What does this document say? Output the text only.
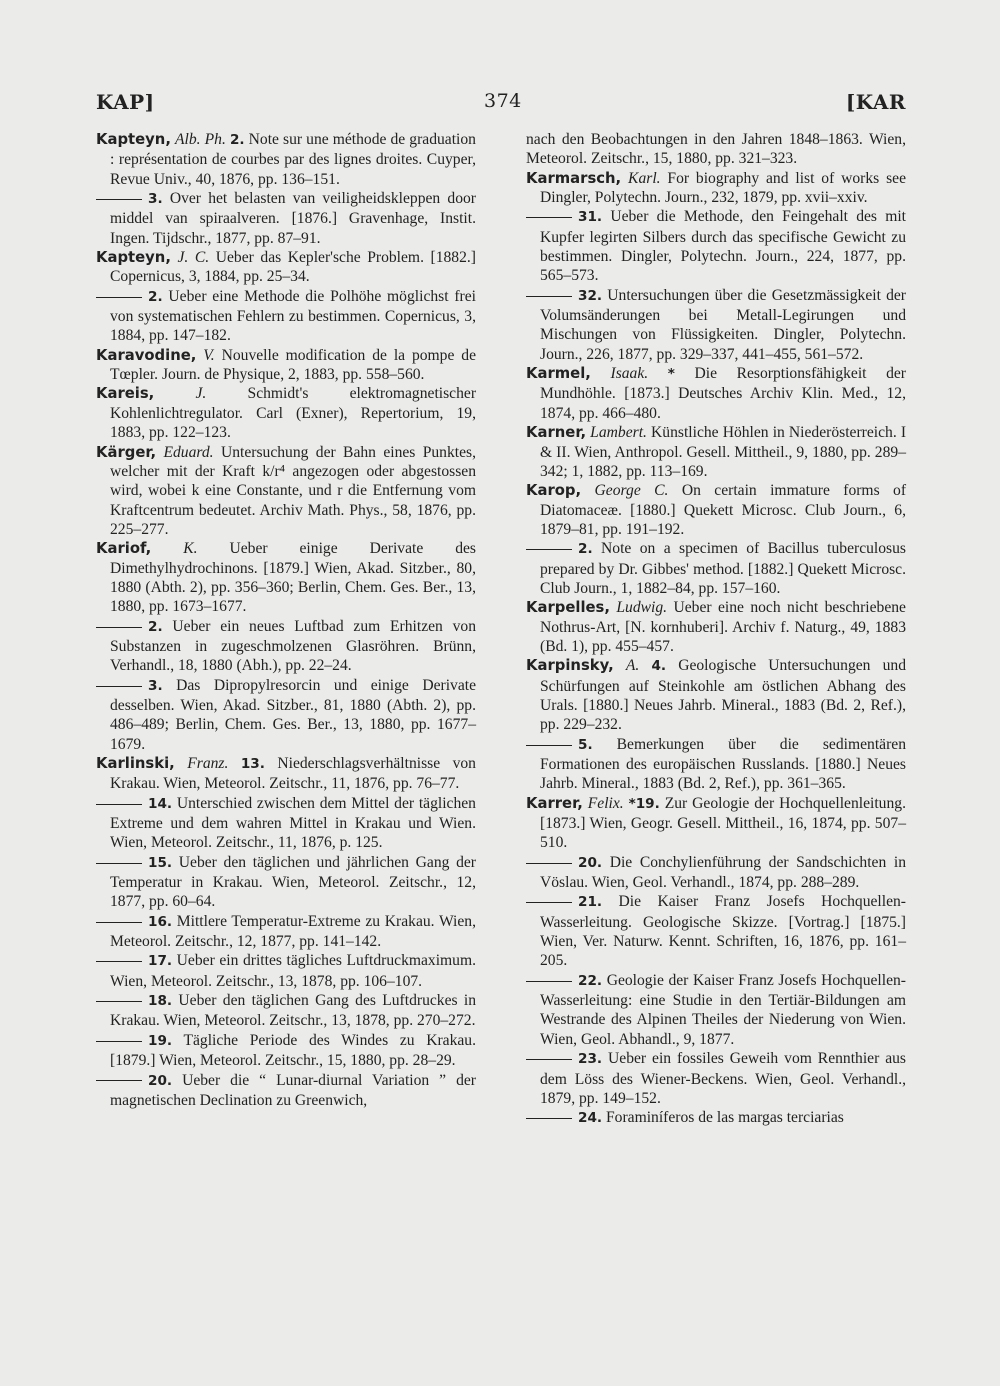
KAP]	374	[KAR

Kapteyn, Alb. Ph. 2. Note sur une méthode de graduation : représentation de courbes par des lignes droites. Cuyper, Revue Univ., 40, 1876, pp. 136–151.

3. Over het belasten van veiligheidskleppen door middel van spiraalveren. [1876.] Gravenhage, Instit. Ingen. Tijdschr., 1877, pp. 87–91.

Kapteyn, J. C. Ueber das Kepler'sche Problem. [1882.] Copernicus, 3, 1884, pp. 25–34.

2. Ueber eine Methode die Polhöhe möglichst frei von systematischen Fehlern zu bestimmen. Copernicus, 3, 1884, pp. 147–182.

Karavodine, V. Nouvelle modification de la pompe de Tœpler. Journ. de Physique, 2, 1883, pp. 558–560.

Kareis,	J.	Schmidt's elektromagnetischer Kohlenlichtregulator. Carl (Exner), Repertorium, 19, 1883, pp. 122–123.

Kärger, Eduard. Untersuchung der Bahn eines Punktes, welcher mit der Kraft k/r⁴ angezogen oder abgestossen wird, wobei k eine Constante, und r die Entfernung vom Kraftcentrum bedeutet. Archiv Math. Phys., 58, 1876, pp. 225–277.

Kariof, K. Ueber einige Derivate des Dimethylhydrochinons. [1879.] Wien, Akad. Sitzber., 80, 1880 (Abth. 2), pp. 356–360; Berlin, Chem. Ges. Ber., 13, 1880, pp. 1673–1677.

2. Ueber ein neues Luftbad zum Erhitzen von Substanzen in zugeschmolzenen Glasröhren. Brünn, Verhandl., 18, 1880 (Abh.), pp. 22–24.

3. Das Dipropylresorcin und einige Derivate desselben. Wien, Akad. Sitzber., 81, 1880 (Abth. 2), pp. 486–489; Berlin, Chem. Ges. Ber., 13, 1880, pp. 1677–1679.

Karlinski, Franz. 13. Niederschlagsverhältnisse von Krakau. Wien, Meteorol. Zeitschr., 11, 1876, pp. 76–77.

14. Unterschied zwischen dem Mittel der täglichen Extreme und dem wahren Mittel in Krakau und Wien. Wien, Meteorol. Zeitschr., 11, 1876, p. 125.

15. Ueber den täglichen und jährlichen Gang der Temperatur in Krakau. Wien, Meteorol. Zeitschr., 12, 1877, pp. 60–64.

16. Mittlere Temperatur-Extreme zu Krakau. Wien, Meteorol. Zeitschr., 12, 1877, pp. 141–142.

17. Ueber ein drittes tägliches Luftdruckmaximum. Wien, Meteorol. Zeitschr., 13, 1878, pp. 106–107.

18. Ueber den täglichen Gang des Luftdruckes in Krakau. Wien, Meteorol. Zeitschr., 13, 1878, pp. 270–272.

19. Tägliche Periode des Windes zu Krakau. [1879.] Wien, Meteorol. Zeitschr., 15, 1880, pp. 28–29.

20. Ueber die “ Lunar-diurnal Variation ” der magnetischen Declination zu Greenwich,

nach den Beobachtungen in den Jahren 1848–1863. Wien, Meteorol. Zeitschr., 15, 1880, pp. 321–323.

Karmarsch, Karl. For biography and list of works see Dingler, Polytechn. Journ., 232, 1879, pp. xvii–xxiv.

31. Ueber die Methode, den Feingehalt des mit Kupfer legirten Silbers durch das specifische Gewicht zu bestimmen. Dingler, Polytechn. Journ., 224, 1877, pp. 565–573.

32. Untersuchungen über die Gesetzmässigkeit der Volumsänderungen bei Metall-Legirungen und Mischungen von Flüssigkeiten. Dingler, Polytechn. Journ., 226, 1877, pp. 329–337, 441–455, 561–572.

Karmel, Isaak. * Die Resorptionsfähigkeit der Mundhöhle. [1873.] Deutsches Archiv Klin. Med., 12, 1874, pp. 466–480.

Karner, Lambert. Künstliche Höhlen in Niederösterreich. I & II. Wien, Anthropol. Gesell. Mittheil., 9, 1880, pp. 289–342; 1, 1882, pp. 113–169.

Karop, George C. On certain immature forms of Diatomaceæ. [1880.] Quekett Microsc. Club Journ., 6, 1879–81, pp. 191–192.

2. Note on a specimen of Bacillus tuberculosus prepared by Dr. Gibbes' method. [1882.] Quekett Microsc. Club Journ., 1, 1882–84, pp. 157–160.

Karpelles, Ludwig. Ueber eine noch nicht beschriebene Nothrus-Art, [N. kornhuberi]. Archiv f. Naturg., 49, 1883 (Bd. 1), pp. 455–457.

Karpinsky, A. 4. Geologische Untersuchungen und Schürfungen auf Steinkohle am östlichen Abhang des Urals. [1880.] Neues Jahrb. Mineral., 1883 (Bd. 2, Ref.), pp. 229–232.

5. Bemerkungen über die sedimentären Formationen des europäischen Russlands. [1880.] Neues Jahrb. Mineral., 1883 (Bd. 2, Ref.), pp. 361–365.

Karrer, Felix. *19. Zur Geologie der Hochquellenleitung. [1873.] Wien, Geogr. Gesell. Mittheil., 16, 1874, pp. 507–510.

20. Die Conchylienführung der Sandschichten in Vöslau. Wien, Geol. Verhandl., 1874, pp. 288–289.

21. Die Kaiser Franz Josefs Hochquellen-Wasserleitung. Geologische Skizze. [Vortrag.] [1875.] Wien, Ver. Naturw. Kennt. Schriften, 16, 1876, pp. 161–205.

22. Geologie der Kaiser Franz Josefs Hochquellen-Wasserleitung: eine Studie in den Tertiär-Bildungen am Westrande des Alpinen Theiles der Niederung von Wien. Wien, Geol. Abhandl., 9, 1877.

23. Ueber ein fossiles Geweih vom Rennthier aus dem Löss des Wiener-Beckens. Wien, Geol. Verhandl., 1879, pp. 149–152.

24. Foraminíferos de las margas terciarias
